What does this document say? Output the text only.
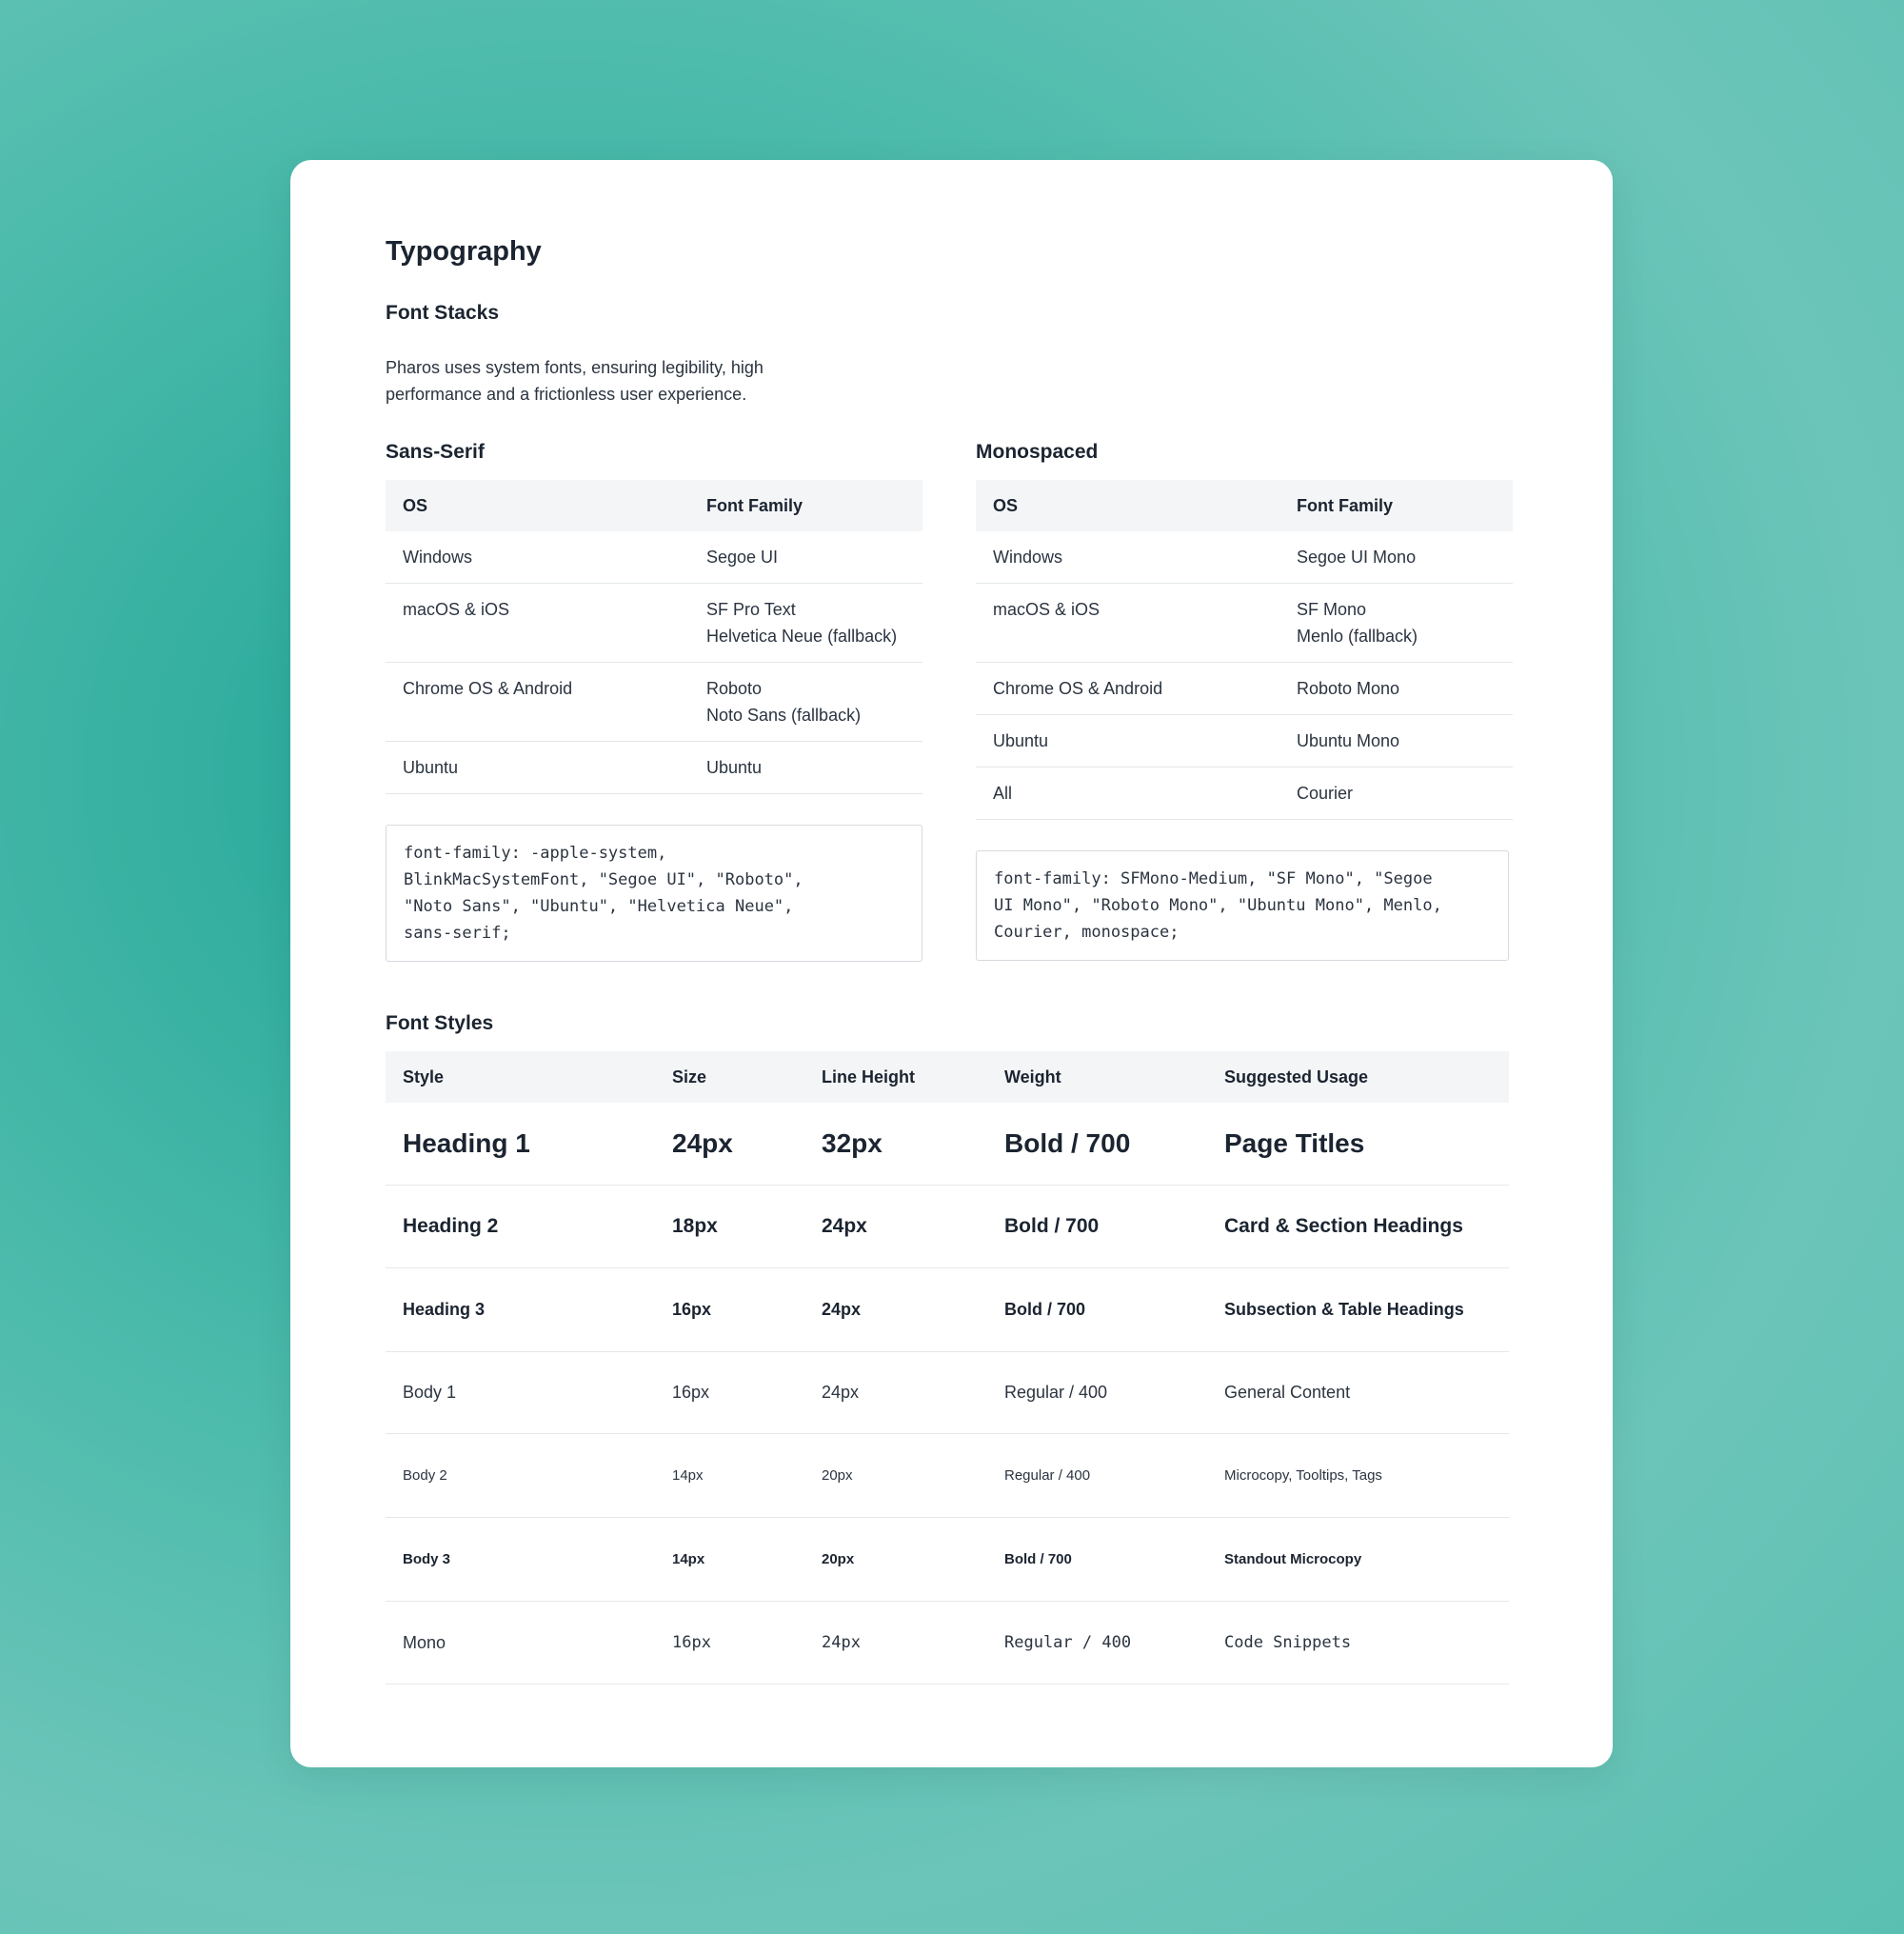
Typography
Font Stacks

Pharos uses system fonts, ensuring legibility, high performance and a frictionless user experience.

Sans-Serif
OS	Font Family
Windows	Segoe UI
macOS & iOS	SF Pro Text
Helvetica Neue (fallback)

Chrome OS & Android	Roboto
Noto Sans (fallback)

Ubuntu	Ubuntu
font-family: -apple-system,
BlinkMacSystemFont, "Segoe UI", "Roboto",
"Noto Sans", "Ubuntu", "Helvetica Neue",
sans-serif;
Monospaced
OS	Font Family
Windows	Segoe UI Mono
macOS & iOS	SF Mono
Menlo (fallback)

Chrome OS & Android	Roboto Mono
Ubuntu	Ubuntu Mono
All	Courier
font-family: SFMono-Medium, "SF Mono", "Segoe
UI Mono", "Roboto Mono", "Ubuntu Mono", Menlo,
Courier, monospace;
Font Styles
Style	Size	Line Height	Weight	Suggested Usage
Heading 1	24px	32px	Bold / 700	Page Titles
Heading 2	18px	24px	Bold / 700	Card & Section Headings
Heading 3	16px	24px	Bold / 700	Subsection & Table Headings
Body 1	16px	24px	Regular / 400	General Content
Body 2	14px	20px	Regular / 400	Microcopy, Tooltips, Tags
Body 3	14px	20px	Bold / 700	Standout Microcopy
Mono	16px	24px	Regular / 400	Code Snippets
